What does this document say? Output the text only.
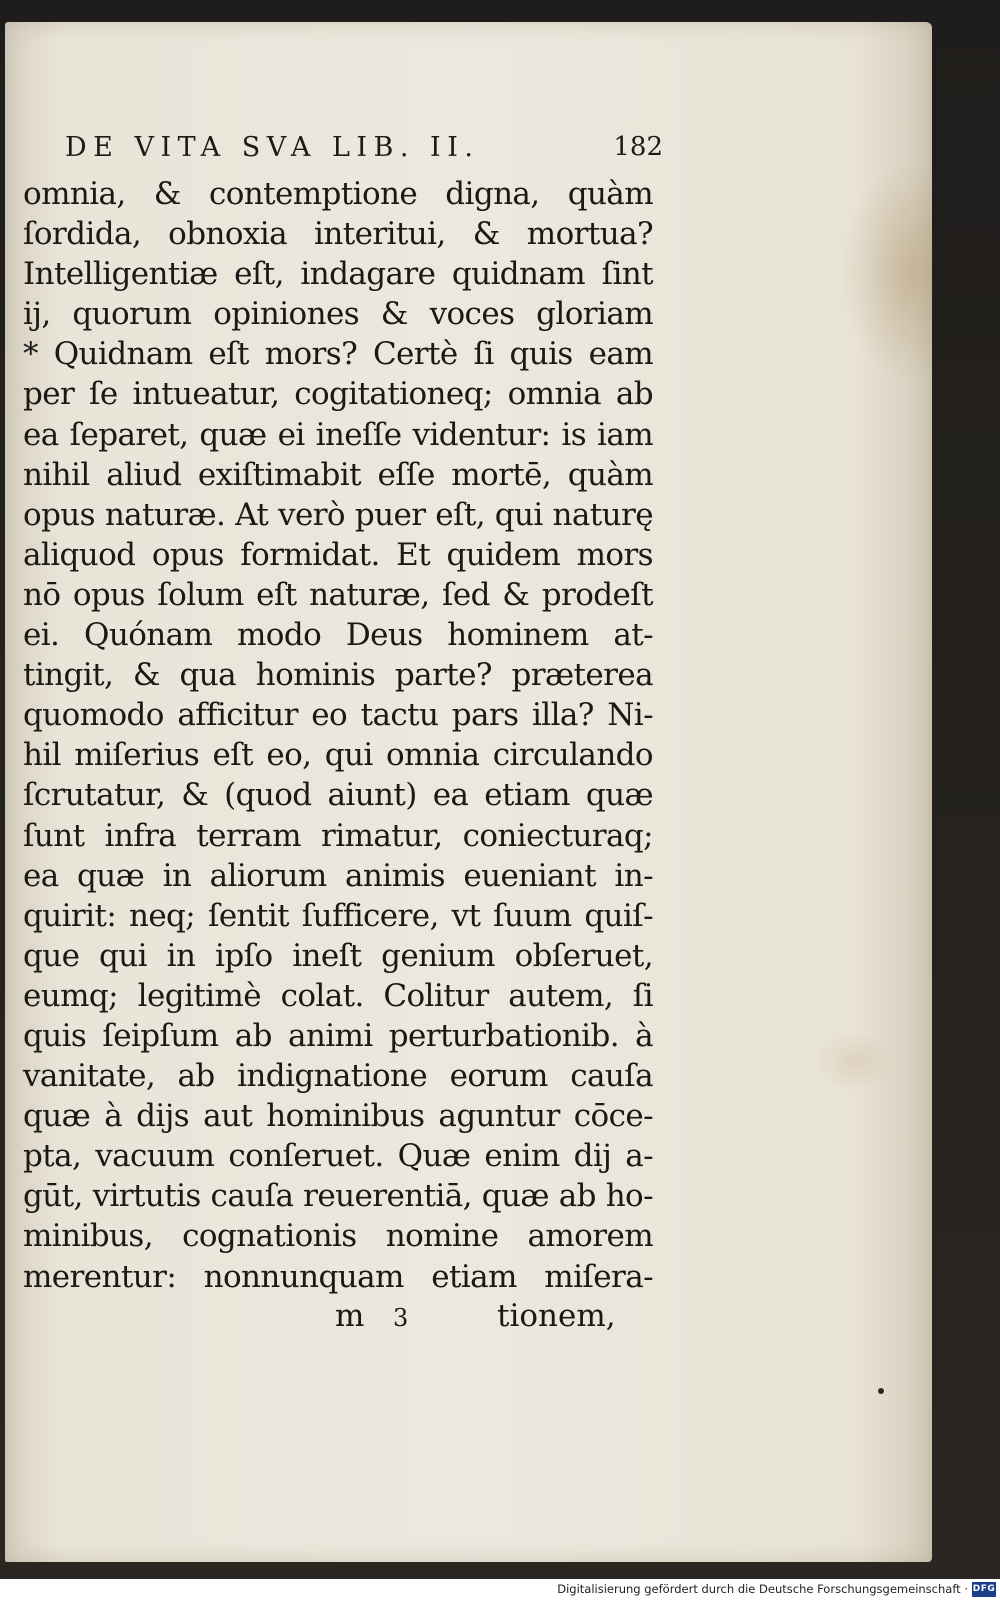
DE VITA SVA LIB. II.	182
omnia, & contemptione digna, quàm
ſordida, obnoxia interitui, & mortua?
Intelligentiæ eſt, indagare quidnam ſint
ij, quorum opiniones & voces gloriam
* Quidnam eſt mors? Certè ſi quis eam
per ſe intueatur, cogitationeq; omnia ab
ea ſeparet, quæ ei ineſſe videntur: is iam
nihil aliud exiſtimabit eſſe mortē, quàm
opus naturæ. At verò puer eſt, qui naturę
aliquod opus formidat. Et quidem mors
nō opus ſolum eſt naturæ, ſed & prodeſt
ei. Quónam modo Deus hominem at-
tingit, & qua hominis parte? præterea
quomodo afficitur eo tactu pars illa? Ni-
hil miſerius eſt eo, qui omnia circulando
ſcrutatur, & (quod aiunt) ea etiam quæ
ſunt infra terram rimatur, coniecturaq;
ea quæ in aliorum animis eueniant in-
quirit: neq; ſentit ſufficere, vt ſuum quiſ-
que qui in ipſo ineſt genium obſeruet,
eumq; legitimè colat. Colitur autem, ſi
quis ſeipſum ab animi perturbationib. à
vanitate, ab indignatione eorum cauſa
quæ à dijs aut hominibus aguntur cōce-
pta, vacuum conſeruet. Quæ enim dij a-
gūt, virtutis cauſa reuerentiā, quæ ab ho-
minibus, cognationis nomine amorem
merentur: nonnunquam etiam miſera-
m 3	tionem,
Digitalisierung gefördert durch die Deutsche Forschungsgemeinschaft · DFG
